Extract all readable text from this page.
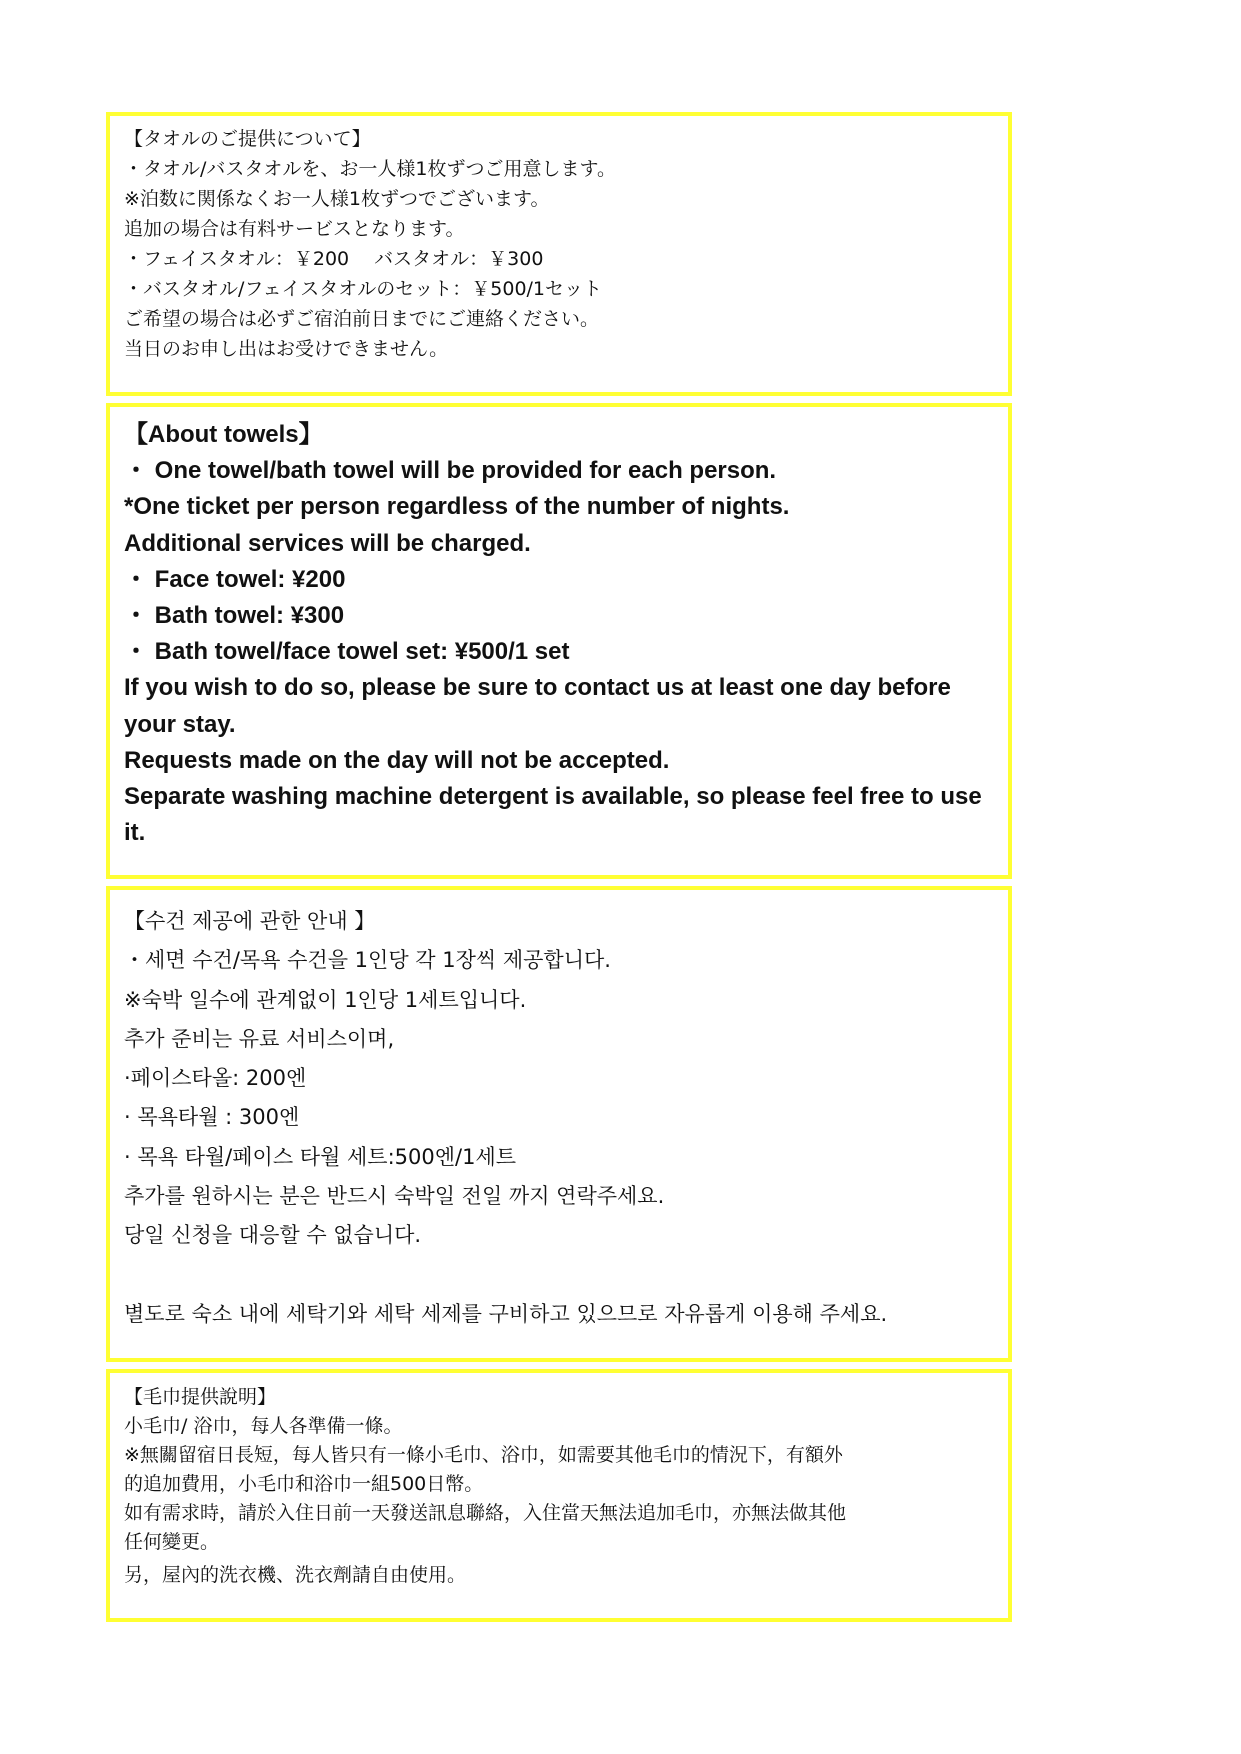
【タオルのご提供について】
・タオル/バスタオルを、お一人様1枚ずつご用意します。
※泊数に関係なくお一人様1枚ずつでございます。
追加の場合は有料サービスとなります。
・フェイスタオル：￥200　 バスタオル：￥300
・バスタオル/フェイスタオルのセット：￥500/1セット
ご希望の場合は必ずご宿泊前日までにご連絡ください。
当日のお申し出はお受けできません。
【About towels】
・ One towel/bath towel will be provided for each person.
*One ticket per person regardless of the number of nights.
Additional services will be charged.
・ Face towel: ¥200
・ Bath towel: ¥300
・ Bath towel/face towel set: ¥500/1 set
If you wish to do so, please be sure to contact us at least one day before your stay.
Requests made on the day will not be accepted.
Separate washing machine detergent is available, so please feel free to use it.
【수건 제공에 관한 안내 】
・세면 수건/목욕 수건을 1인당 각 1장씩 제공합니다.
※숙박 일수에 관계없이 1인당 1세트입니다.
추가 준비는 유료 서비스이며,
·페이스타올: 200엔
· 목욕타월 : 300엔
· 목욕 타월/페이스 타월 세트:500엔/1세트
추가를 원하시는 분은 반드시 숙박일 전일 까지 연락주세요.
당일 신청을 대응할 수 없습니다.
별도로 숙소 내에 세탁기와 세탁 세제를 구비하고 있으므로 자유롭게 이용해 주세요.
【毛巾提供說明】
小毛巾/ 浴巾，每人各準備一條。
※無關留宿日長短，每人皆只有一條小毛巾、浴巾，如需要其他毛巾的情況下，有額外
的追加費用，小毛巾和浴巾一組500日幣。
如有需求時，請於入住日前一天發送訊息聯絡，入住當天無法追加毛巾，亦無法做其他
任何變更。
另，屋內的洗衣機、洗衣劑請自由使用。
